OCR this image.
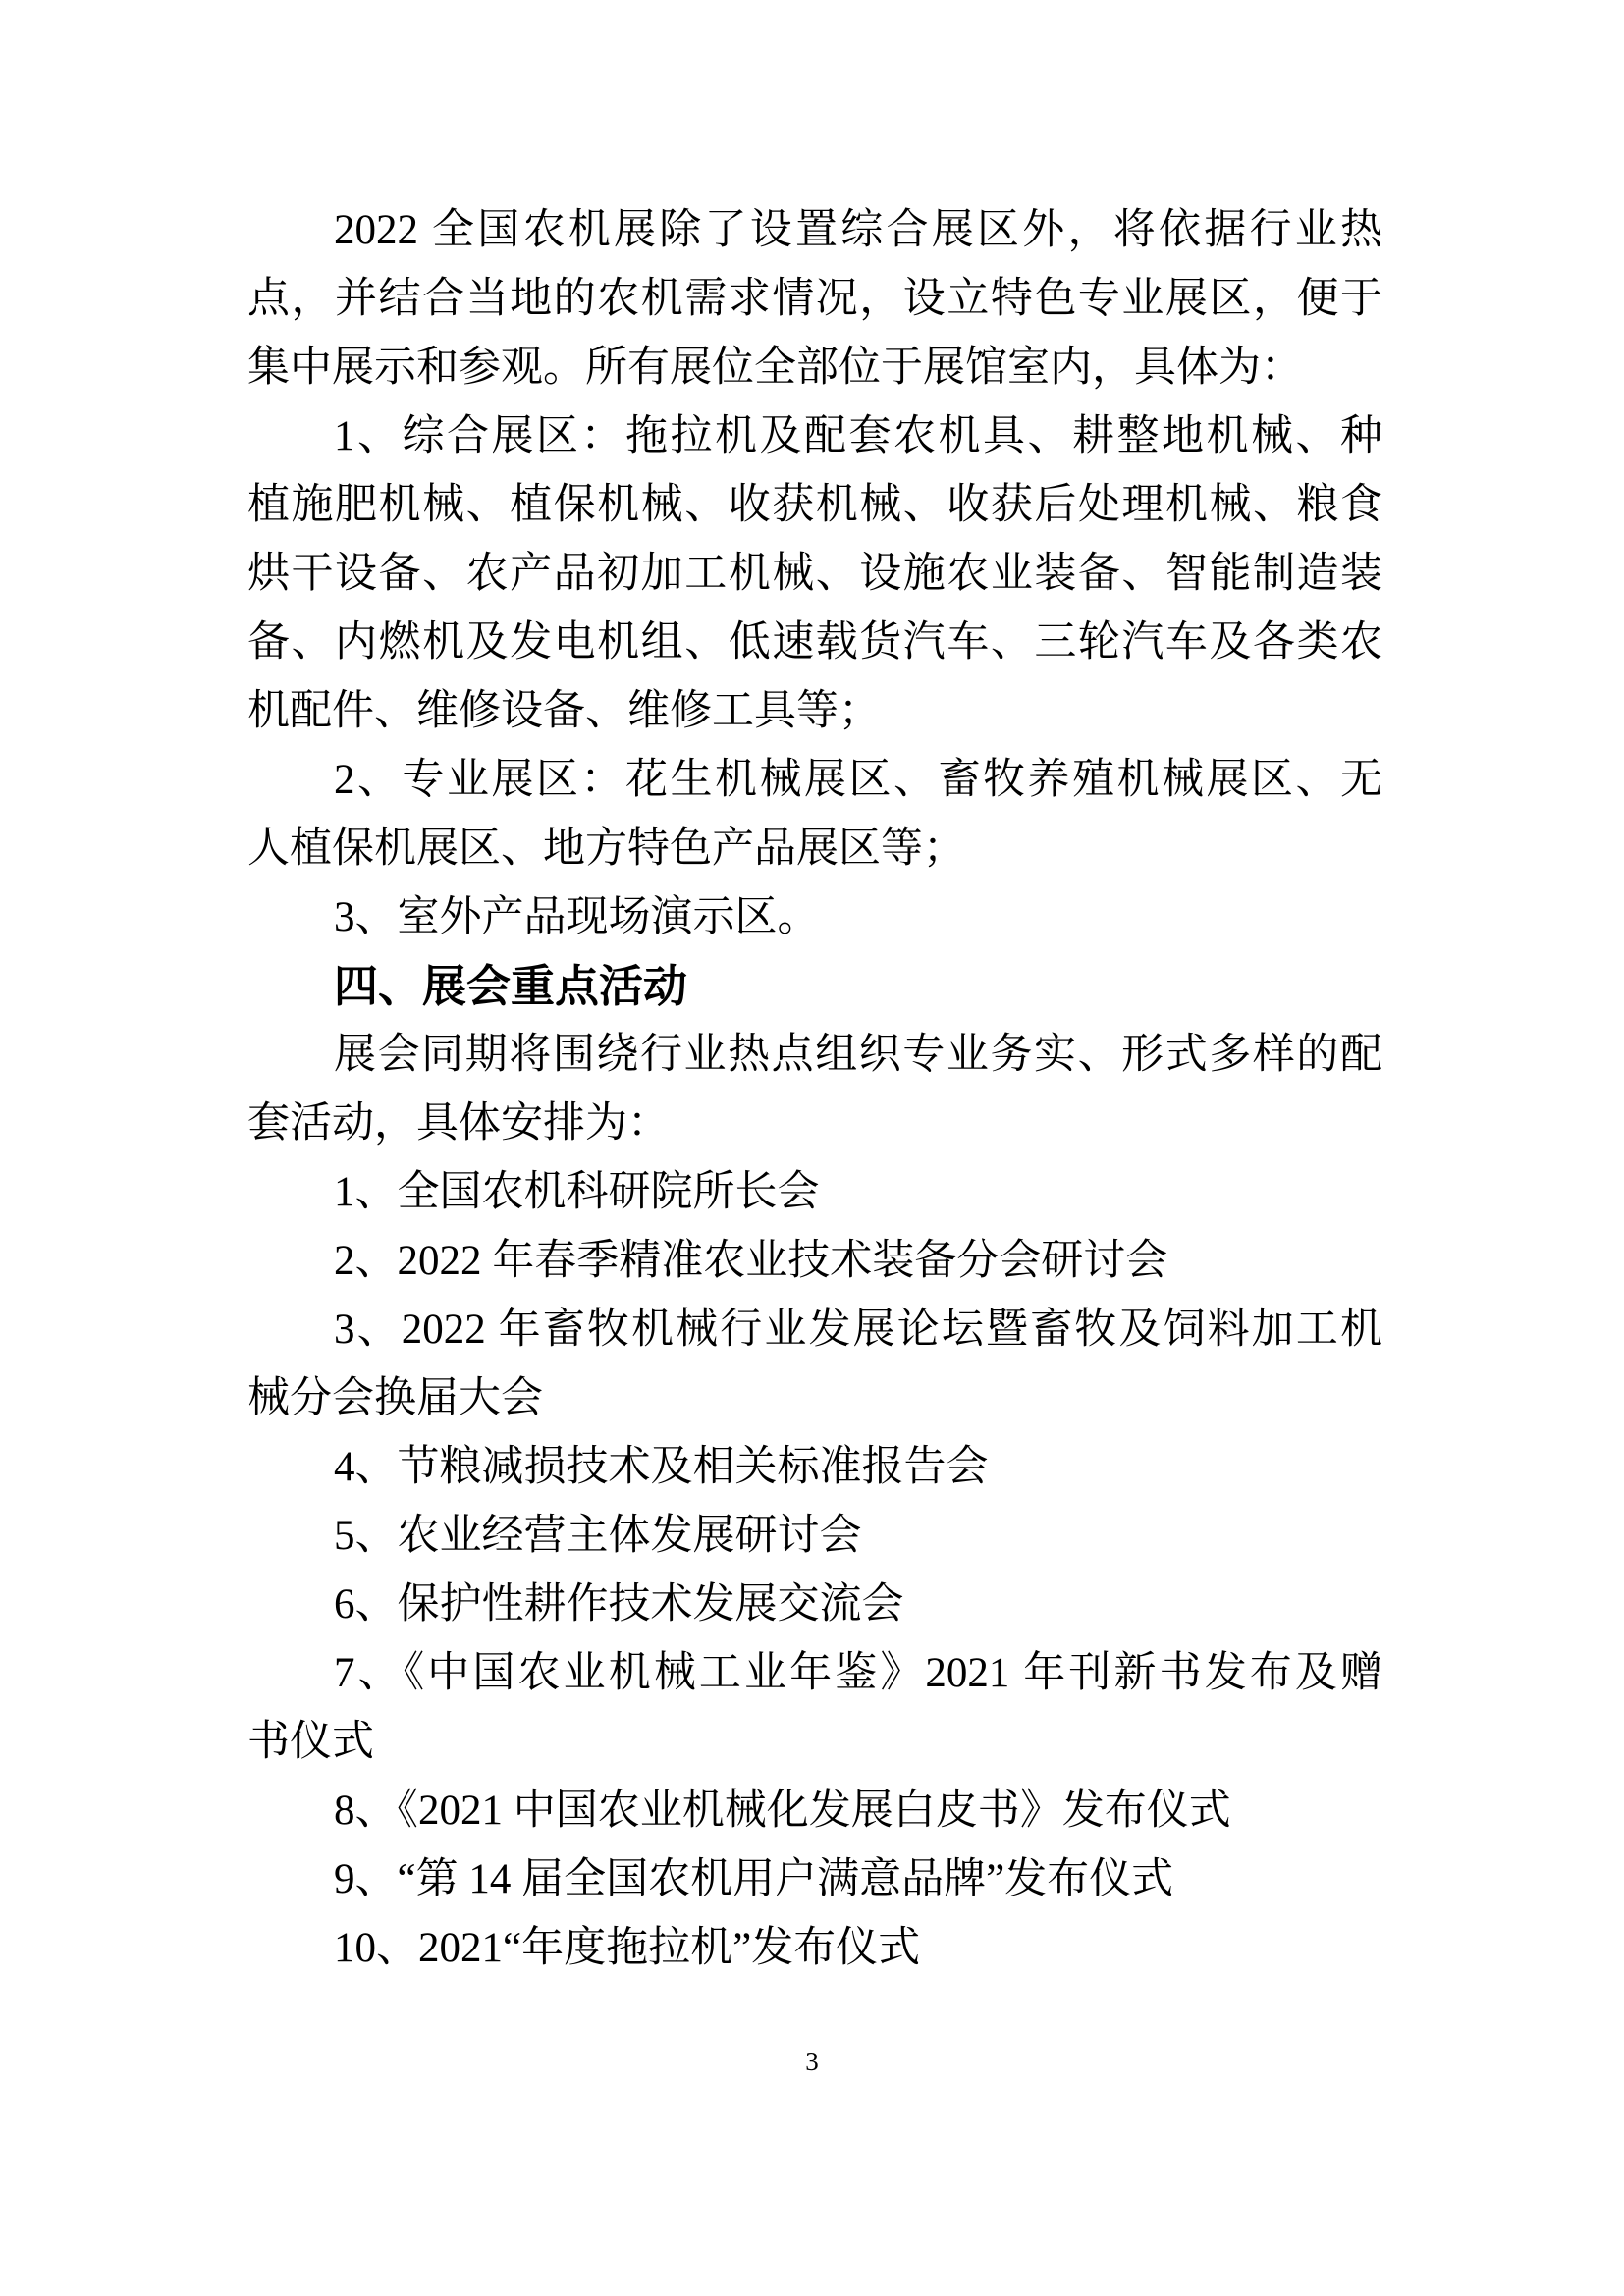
2022 全国农机展除了设置综合展区外，将依据行业热
点，并结合当地的农机需求情况，设立特色专业展区，便于
集中展示和参观。所有展位全部位于展馆室内，具体为：
1、综合展区：拖拉机及配套农机具、耕整地机械、种
植施肥机械、植保机械、收获机械、收获后处理机械、粮食
烘干设备、农产品初加工机械、设施农业装备、智能制造装
备、内燃机及发电机组、低速载货汽车、三轮汽车及各类农
机配件、维修设备、维修工具等；
2、专业展区：花生机械展区、畜牧养殖机械展区、无
人植保机展区、地方特色产品展区等；
3、室外产品现场演示区。
四、展会重点活动
展会同期将围绕行业热点组织专业务实、形式多样的配
套活动，具体安排为：
1、全国农机科研院所长会
2、2022 年春季精准农业技术装备分会研讨会
3、2022 年畜牧机械行业发展论坛暨畜牧及饲料加工机
械分会换届大会
4、节粮减损技术及相关标准报告会
5、农业经营主体发展研讨会
6、保护性耕作技术发展交流会
7、《中国农业机械工业年鉴》2021 年刊新书发布及赠
书仪式
8、《2021 中国农业机械化发展白皮书》发布仪式
9、“第 14 届全国农机用户满意品牌”发布仪式
10、2021“年度拖拉机”发布仪式
3
